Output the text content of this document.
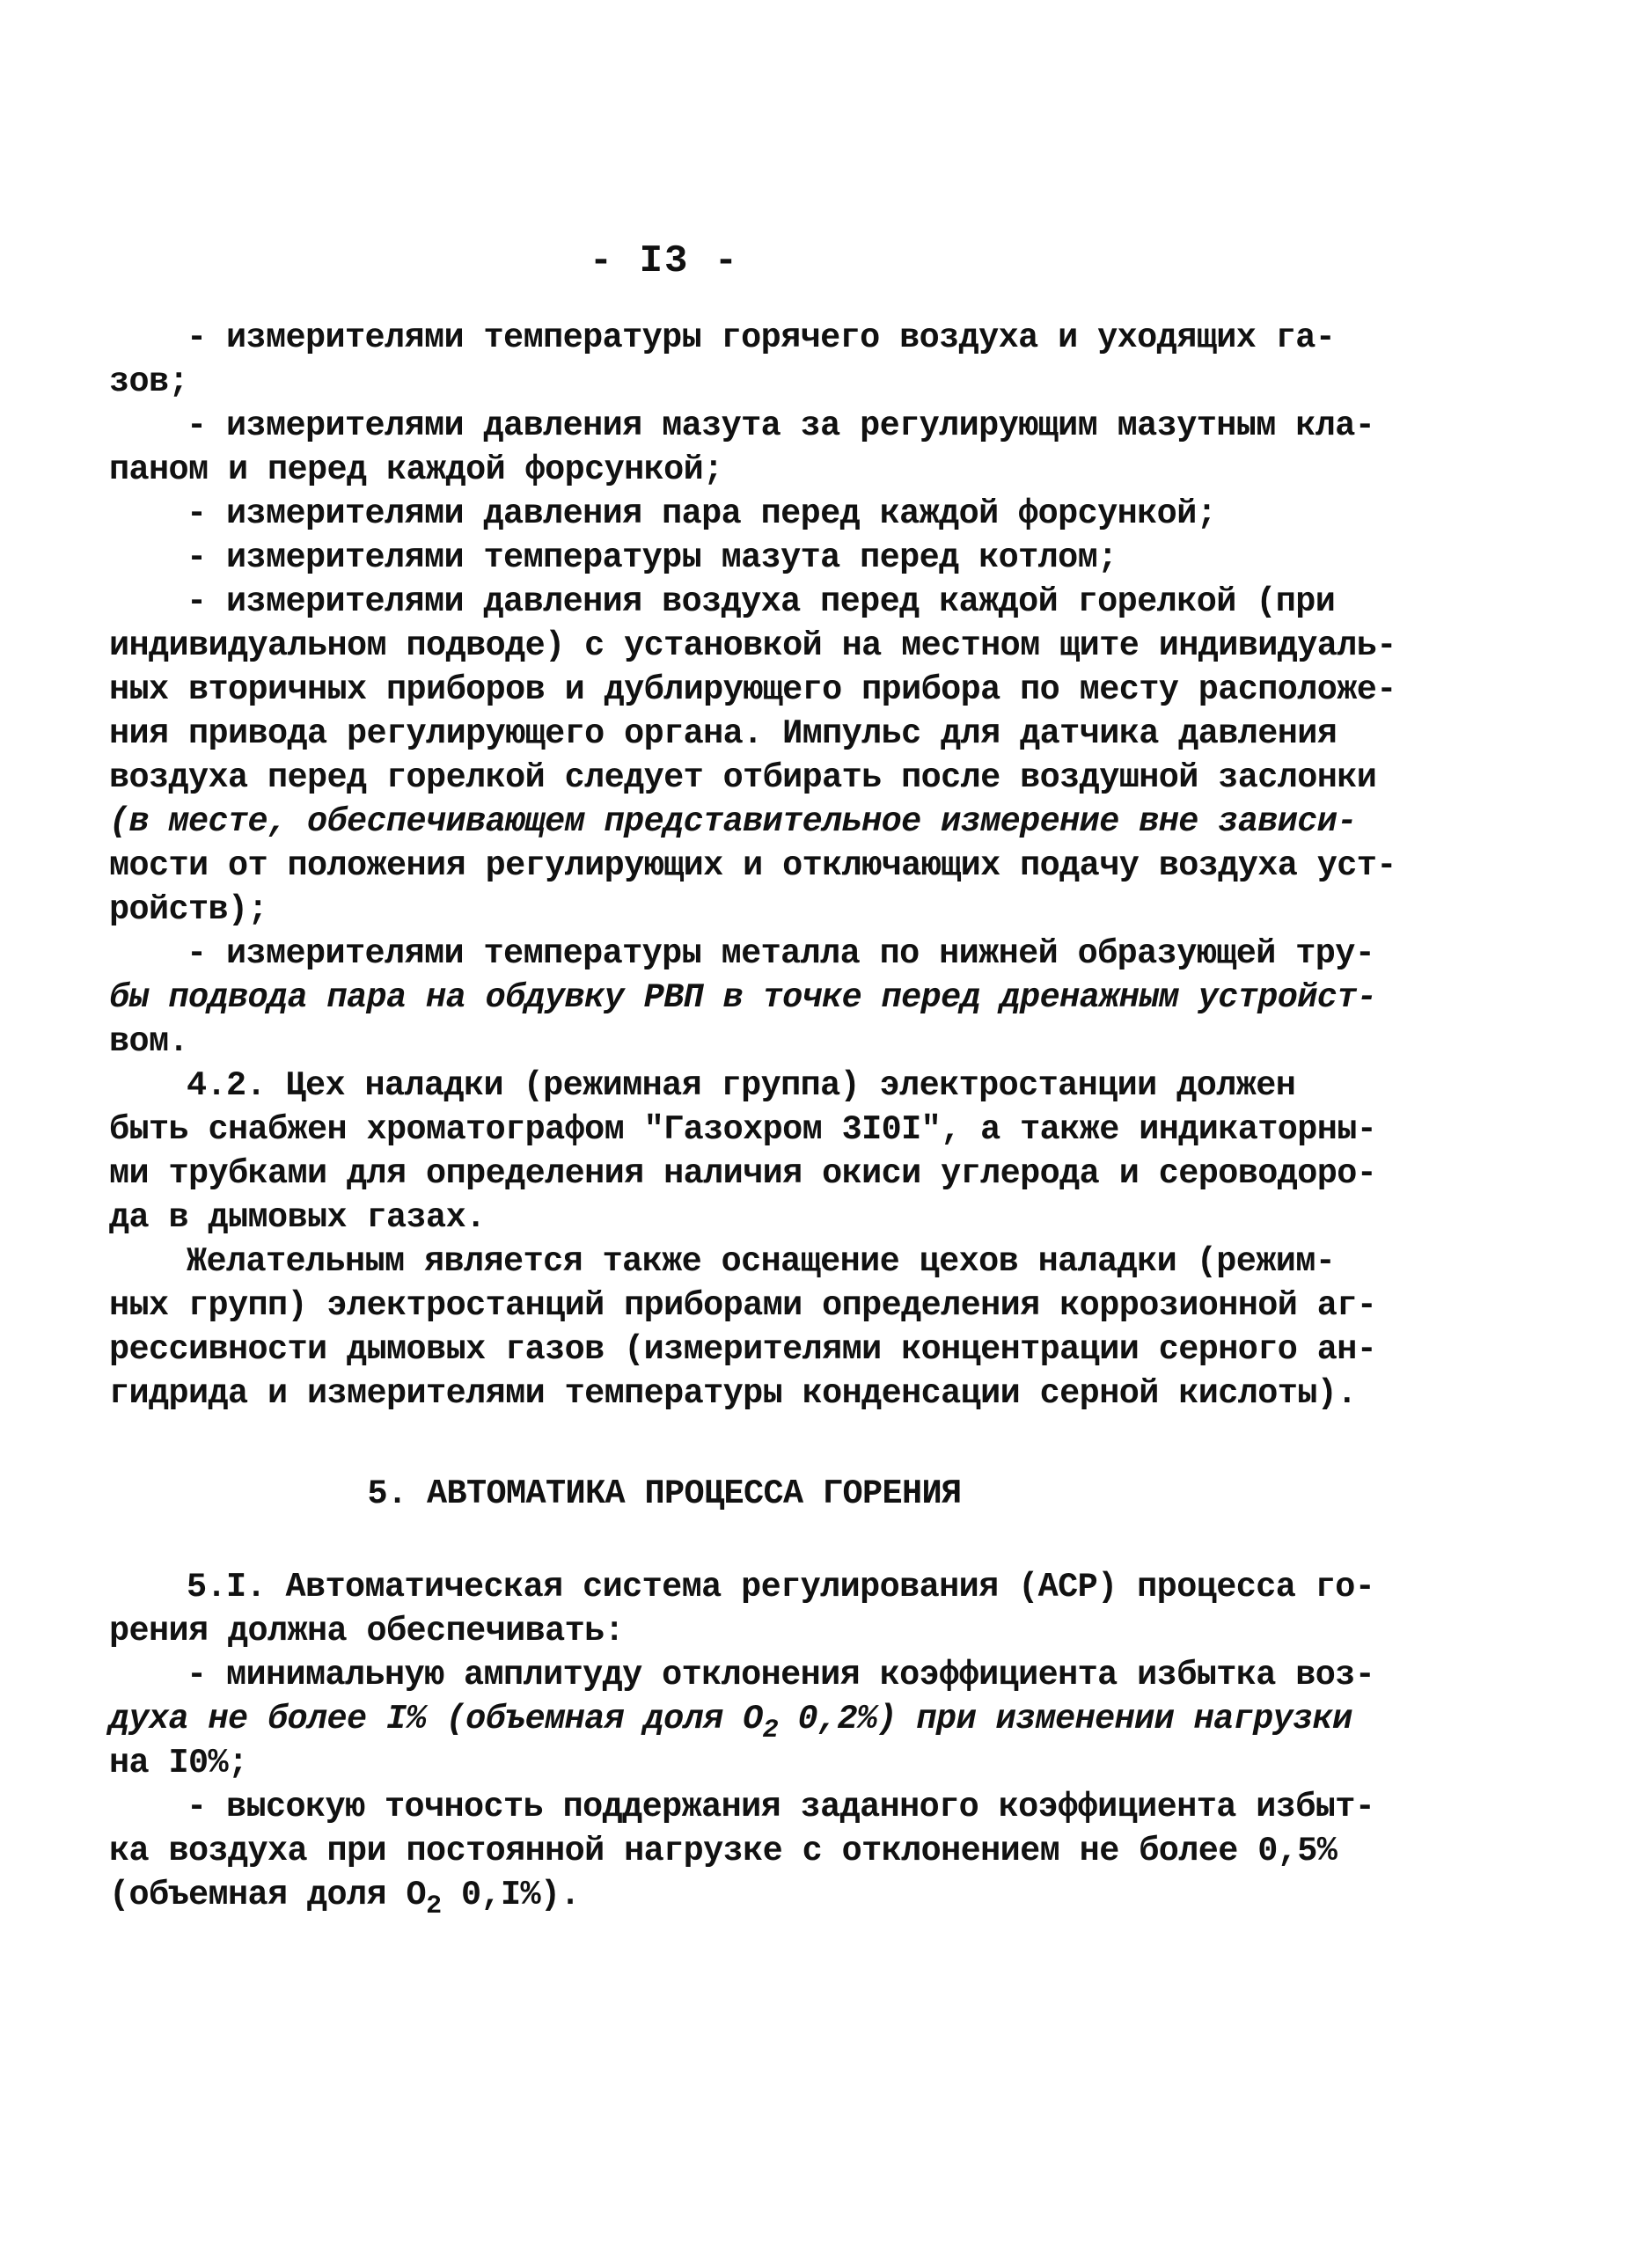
- I3 -
- измерителями температуры горячего воздуха и уходящих га-
зов;
- измерителями давления мазута за регулирующим мазутным кла-
паном и перед каждой форсункой;
- измерителями давления пара перед каждой форсункой;
- измерителями температуры мазута перед котлом;
- измерителями давления воздуха перед каждой горелкой (при
индивидуальном подводе) с установкой на местном щите индивидуаль-
ных вторичных приборов и дублирующего прибора по месту расположе-
ния привода регулирующего органа. Импульс для датчика давления
воздуха перед горелкой следует отбирать после воздушной заслонки
(в месте, обеспечивающем представительное измерение вне зависи-
мости от положения регулирующих и отключающих подачу воздуха уст-
ройств);
- измерителями температуры металла по нижней образующей тру-
бы подвода пара на обдувку РВП в точке перед дренажным устройст-
вом.
4.2. Цех наладки (режимная группа) электростанции должен
быть снабжен хроматографом "Газохром 3I0I", а также индикаторны-
ми трубками для определения наличия окиси углерода и сероводоро-
да в дымовых газах.
Желательным является также оснащение цехов наладки (режим-
ных групп) электростанций приборами определения коррозионной аг-
рессивности дымовых газов (измерителями концентрации серного ан-
гидрида и измерителями температуры конденсации серной кислоты).
5. АВТОМАТИКА ПРОЦЕССА ГОРЕНИЯ
5.I. Автоматическая система регулирования (АСР) процесса го-
рения должна обеспечивать:
- минимальную амплитуду отклонения коэффициента избытка воз-
духа не более I% (объемная доля $O_2$ 0,2%) при изменении нагрузки
на I0%;
- высокую точность поддержания заданного коэффициента избыт-
ка воздуха при постоянной нагрузке с отклонением не более 0,5%
(объемная доля $O_2$ 0,I%).
